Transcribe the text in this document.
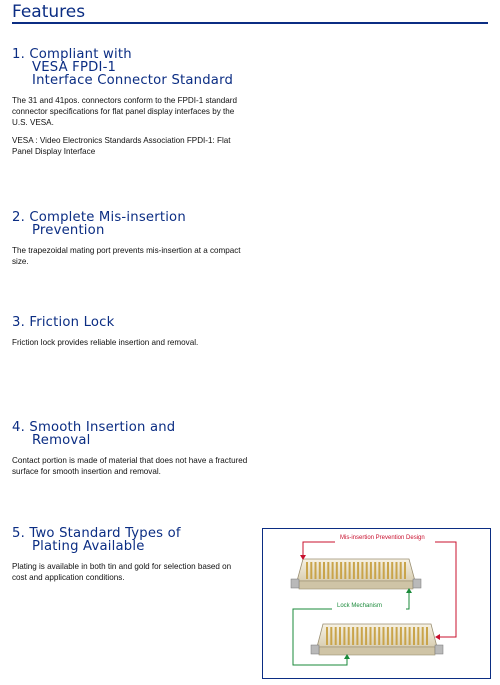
Features
1. Compliant with
VESA FPDI-1
Interface Connector Standard

The 31 and 41pos. connectors conform to the FPDI-1 standard connector specifications for flat panel display interfaces by the U.S. VESA.

VESA : Video Electronics Standards Association FPDI-1: Flat Panel Display Interface

2. Complete Mis-insertion
Prevention

The trapezoidal mating port prevents mis-insertion at a compact size.

3. Friction Lock

Friction lock provides reliable insertion and removal.

4. Smooth Insertion and
Removal

Contact portion is made of material that does not have a fractured surface for smooth insertion and removal.

5. Two Standard Types of
Plating Available

Plating is available in both tin and gold for selection based on cost and application conditions.

Mis-insertion Prevention Design
Lock Mechanism
